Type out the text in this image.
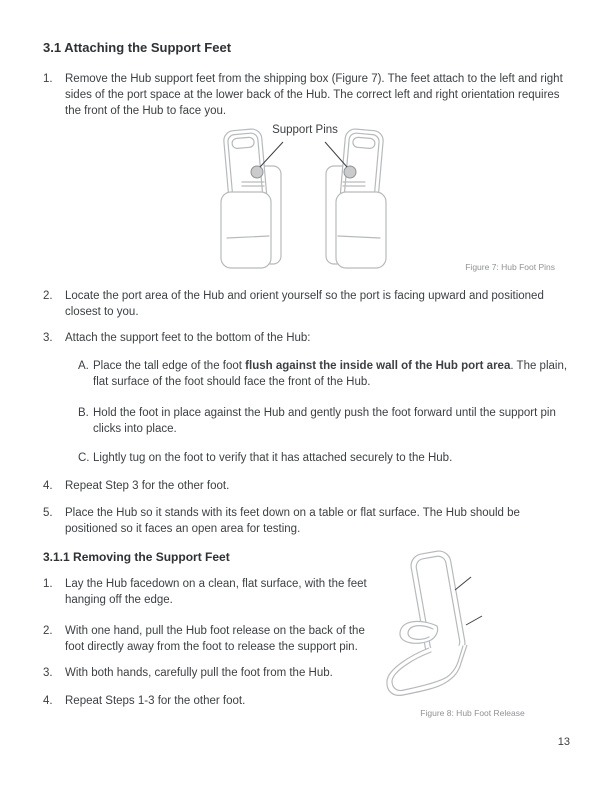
3.1 Attaching the Support Feet
1.	Remove the Hub support feet from the shipping box (Figure 7). The feet attach to the left and right sides of the port space at the lower back of the Hub. The correct left and right orientation requires the front of the Hub to face you.
Support Pins
Figure 7: Hub Foot Pins
2.	Locate the port area of the Hub and orient yourself so the port is facing upward and positioned closest to you.
3.	Attach the support feet to the bottom of the Hub:
A. Place the tall edge of the foot flush against the inside wall of the Hub port area. The plain, flat surface of the foot should face the front of the Hub.
B. Hold the foot in place against the Hub and gently push the foot forward until the support pin clicks into place.
C. Lightly tug on the foot to verify that it has attached securely to the Hub.
4.	Repeat Step 3 for the other foot.
5.	Place the Hub so it stands with its feet down on a table or flat surface. The Hub should be positioned so it faces an open area for testing.
3.1.1 Removing the Support Feet
1.	Lay the Hub facedown on a clean, flat surface, with the feet hanging off the edge.
2.	With one hand, pull the Hub foot release on the back of the foot directly away from the foot to release the support pin.
3.	With both hands, carefully pull the foot from the Hub.
4.	Repeat Steps 1-3 for the other foot.
Figure 8: Hub Foot Release
13
